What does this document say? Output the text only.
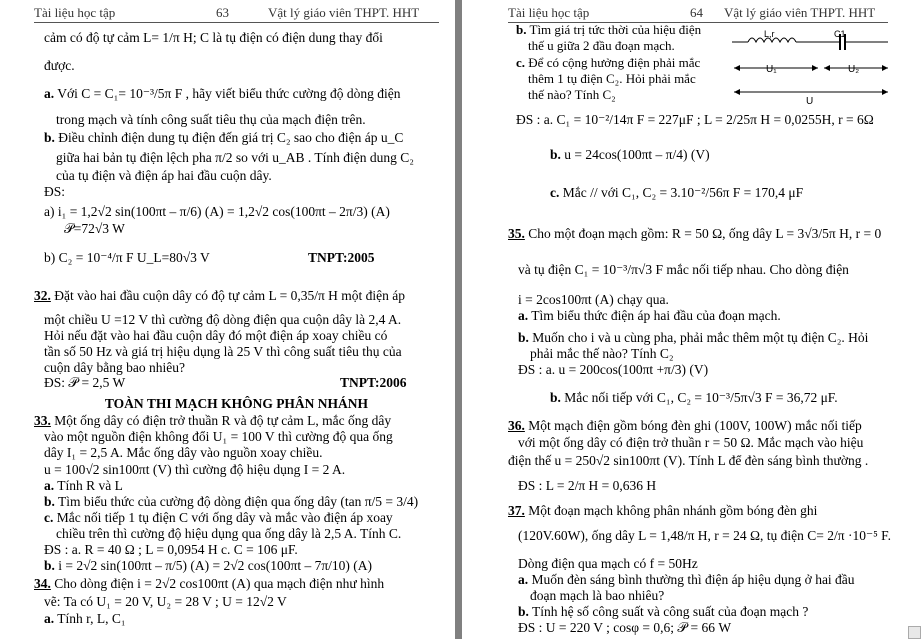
Tài liệu học tập	63	Vật lý giáo viên THPT. HHT
cảm có độ tự cảm L= 1/π H; C là tụ điện có điện dung thay đổi
được.
a. Với C = C₁= 10⁻³/5π F , hãy viết biểu thức cường độ dòng điện
trong mạch và tính công suất tiêu thụ của mạch điện trên.
b. Điều chỉnh điện dung tụ điện đến giá trị C₂ sao cho điện áp u_C
giữa hai bản tụ điện lệch pha π/2 so với u_AB . Tính điện dung C₂
của tụ điện và điện áp hai đầu cuộn dây.
ĐS:
a) i₁ = 1,2√2 sin(100πt – π/6) (A) = 1,2√2 cos(100πt – 2π/3) (A)
𝒫=72√3 W
b) C₂ = 10⁻⁴/π F U_L=80√3 V	TNPT:2005
32. Đặt vào hai đầu cuộn dây có độ tự cảm L = 0,35/π H một điện áp
một chiều U =12 V thì cường độ dòng điện qua cuộn dây là 2,4 A.
Hỏi nếu đặt vào hai đầu cuộn dây đó một điện áp xoay chiều có
tần số 50 Hz và giá trị hiệu dụng là 25 V thì công suất tiêu thụ của
cuộn dây bằng bao nhiêu?
ĐS: 𝒫 = 2,5 W	TNPT:2006
TOÀN THI MẠCH KHÔNG PHÂN NHÁNH
33. Một ống dây có điện trở thuần R và độ tự cảm L, mắc ống dây
vào một nguồn điện không đổi U₁ = 100 V thì cường độ qua ống
dây I₁ = 2,5 A. Mắc ống dây vào nguồn xoay chiều.
u = 100√2 sin100πt (V) thì cường độ hiệu dụng I = 2 A.
a. Tính R và L
b. Tìm biểu thức của cường độ dòng điện qua ống dây (tan π/5 = 3/4)
c. Mắc nối tiếp 1 tụ điện C với ống dây và mắc vào điện áp xoay
chiều trên thì cường độ hiệu dụng qua ống dây là 2,5 A. Tính C.
ĐS : a. R = 40 Ω ; L = 0,0954 H c. C = 106 μF.
b. i = 2√2 sin(100πt – π/5) (A) = 2√2 cos(100πt – 7π/10) (A)
34. Cho dòng điện i = 2√2 cos100πt (A) qua mạch điện như hình
vẽ: Ta có U₁ = 20 V, U₂ = 28 V ; U = 12√2 V
a. Tính r, L, C₁
Tài liệu học tập	64 Vật lý giáo viên THPT. HHT
b. Tìm giá trị tức thời của hiệu điện
thế u giữa 2 đầu đoạn mạch.
c. Để có cộng hưởng điện phải mắc
thêm 1 tụ điện C₂. Hỏi phải mắc
thế nào? Tính C₂
L,r	C1
U₁	U₂
U
ĐS : a. C₁ = 10⁻²/14π F = 227μF ; L = 2/25π H = 0,0255H, r = 6Ω
b. u = 24cos(100πt – π/4) (V)
c. Mắc // với C₁, C₂ = 3.10⁻²/56π F = 170,4 μF
35. Cho một đoạn mạch gồm: R = 50 Ω, ống dây L = 3√3/5π H, r = 0
và tụ điện C₁ = 10⁻³/π√3 F mắc nối tiếp nhau. Cho dòng điện
i = 2cos100πt (A) chạy qua.
a. Tìm biểu thức điện áp hai đầu của đoạn mạch.
b. Muốn cho i và u cùng pha, phải mắc thêm một tụ điện C₂. Hỏi
phải mắc thế nào? Tính C₂
ĐS : a. u = 200cos(100πt +π/3) (V)
b. Mắc nối tiếp với C₁, C₂ = 10⁻³/5π√3 F = 36,72 μF.
36. Một mạch điện gồm bóng đèn ghi (100V, 100W) mắc nối tiếp
với một ống dây có điện trở thuần r = 50 Ω. Mắc mạch vào hiệu
điện thế u = 250√2 sin100πt (V). Tính L để đèn sáng bình thường .
ĐS : L = 2/π H = 0,636 H
37. Một đoạn mạch không phân nhánh gồm bóng đèn ghi
(120V.60W), ống dây L = 1,48/π H, r = 24 Ω, tụ điện C= 2/π ·10⁻⁵ F.
Dòng điện qua mạch có f = 50Hz
a. Muốn đèn sáng bình thường thì điện áp hiệu dụng ở hai đầu
đoạn mạch là bao nhiêu?
b. Tính hệ số công suất và công suất của đoạn mạch ?
ĐS : U = 220 V ; cosφ = 0,6; 𝒫 = 66 W
